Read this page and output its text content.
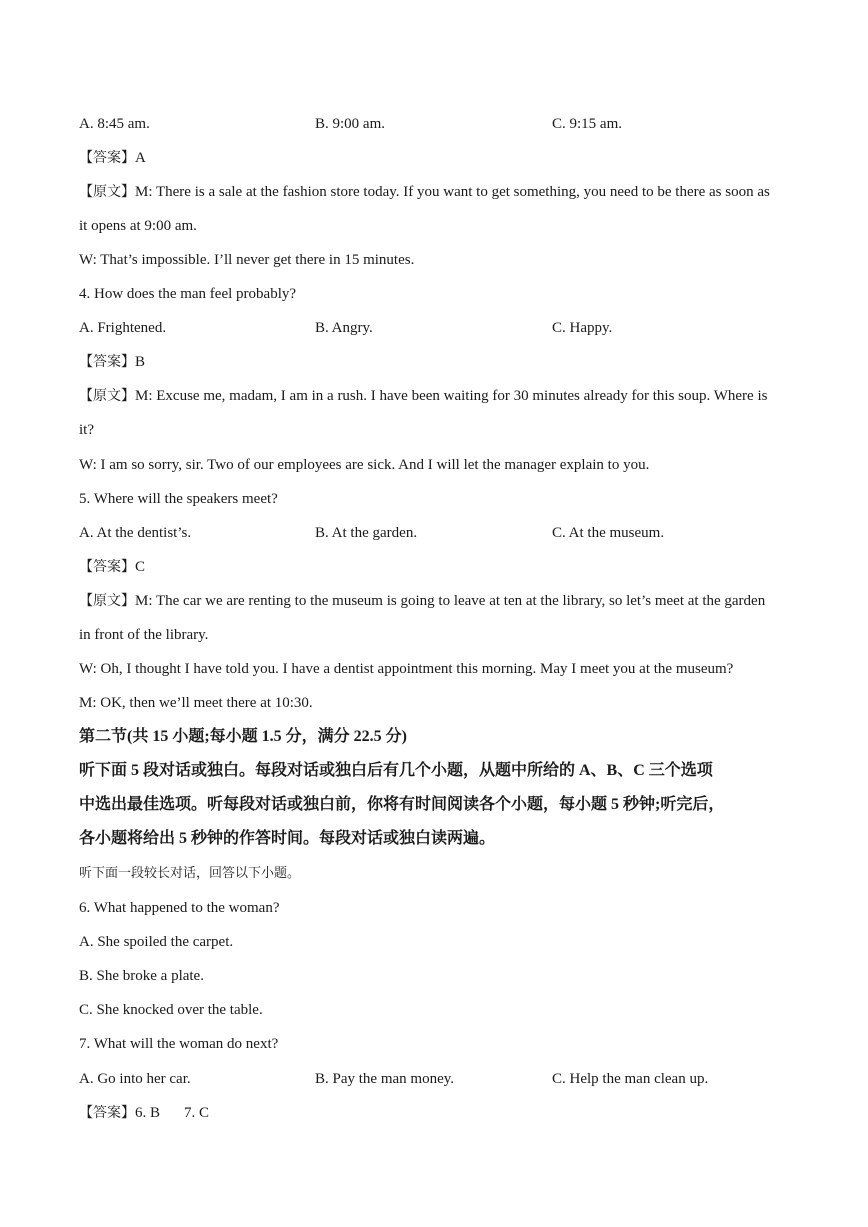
A. 8:45 am.	B. 9:00 am.	C. 9:15 am.
【答案】A
【原文】M: There is a sale at the fashion store today. If you want to get something, you need to be there as soon as
it opens at 9:00 am.
W: That’s impossible. I’ll never get there in 15 minutes.
4. How does the man feel probably?
A. Frightened.	B. Angry.	C. Happy.
【答案】B
【原文】M: Excuse me, madam, I am in a rush. I have been waiting for 30 minutes already for this soup. Where is
it?
W: I am so sorry, sir. Two of our employees are sick. And I will let the manager explain to you.
5. Where will the speakers meet?
A. At the dentist’s.	B. At the garden.	C. At the museum.
【答案】C
【原文】M: The car we are renting to the museum is going to leave at ten at the library, so let’s meet at the garden
in front of the library.
W: Oh, I thought I have told you. I have a dentist appointment this morning. May I meet you at the museum?
M: OK, then we’ll meet there at 10:30.
第二节(共 15 小题;每小题 1.5 分，满分 22.5 分)
听下面 5 段对话或独白。每段对话或独白后有几个小题，从题中所给的 A、B、C 三个选项
中选出最佳选项。听每段对话或独白前，你将有时间阅读各个小题，每小题 5 秒钟;听完后，
各小题将给出 5 秒钟的作答时间。每段对话或独白读两遍。
听下面一段较长对话，回答以下小题。
6. What happened to the woman?
A. She spoiled the carpet.
B. She broke a plate.
C. She knocked over the table.
7. What will the woman do next?
A. Go into her car.	B. Pay the man money.	C. Help the man clean up.
【答案】6. B 7. C
